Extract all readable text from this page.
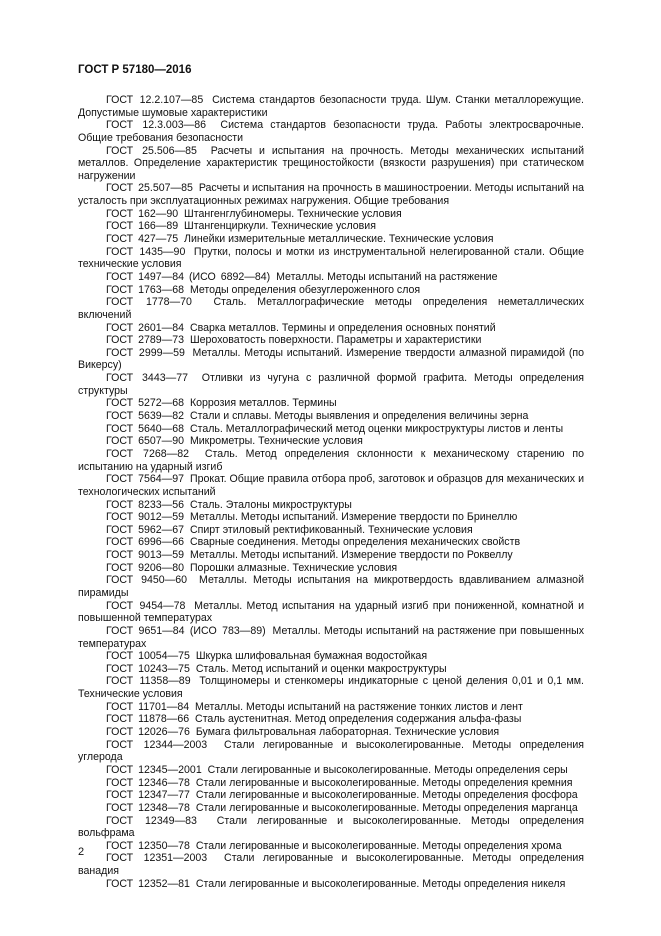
ГОСТ Р 57180—2016

ГОСТ 12.2.107—85 Система стандартов безопасности труда. Шум. Станки металлорежущие. Допустимые шумовые характеристики

ГОСТ 12.3.003—86 Система стандартов безопасности труда. Работы электросварочные. Общие требования безопасности

ГОСТ 25.506—85 Расчеты и испытания на прочность. Методы механических испытаний металлов. Определение характеристик трещиностойкости (вязкости разрушения) при статическом нагружении

ГОСТ 25.507—85 Расчеты и испытания на прочность в машиностроении. Методы испытаний на усталость при эксплуатационных режимах нагружения. Общие требования

ГОСТ 162—90 Штангенглубиномеры. Технические условия

ГОСТ 166—89 Штангенциркули. Технические условия

ГОСТ 427—75 Линейки измерительные металлические. Технические условия

ГОСТ 1435—90 Прутки, полосы и мотки из инструментальной нелегированной стали. Общие технические условия

ГОСТ 1497—84 (ИСО 6892—84) Металлы. Методы испытаний на растяжение

ГОСТ 1763—68 Методы определения обезуглероженного слоя

ГОСТ 1778—70 Сталь. Металлографические методы определения неметаллических включений

ГОСТ 2601—84 Сварка металлов. Термины и определения основных понятий

ГОСТ 2789—73 Шероховатость поверхности. Параметры и характеристики

ГОСТ 2999—59 Металлы. Методы испытаний. Измерение твердости алмазной пирамидой (по Викерсу)

ГОСТ 3443—77 Отливки из чугуна с различной формой графита. Методы определения структуры

ГОСТ 5272—68 Коррозия металлов. Термины

ГОСТ 5639—82 Стали и сплавы. Методы выявления и определения величины зерна

ГОСТ 5640—68 Сталь. Металлографический метод оценки микроструктуры листов и ленты

ГОСТ 6507—90 Микрометры. Технические условия

ГОСТ 7268—82 Сталь. Метод определения склонности к механическому старению по испытанию на ударный изгиб

ГОСТ 7564—97 Прокат. Общие правила отбора проб, заготовок и образцов для механических и технологических испытаний

ГОСТ 8233—56 Сталь. Эталоны микроструктуры

ГОСТ 9012—59 Металлы. Методы испытаний. Измерение твердости по Бринеллю

ГОСТ 5962—67 Спирт этиловый ректификованный. Технические условия

ГОСТ 6996—66 Сварные соединения. Методы определения механических свойств

ГОСТ 9013—59 Металлы. Методы испытаний. Измерение твердости по Роквеллу

ГОСТ 9206—80 Порошки алмазные. Технические условия

ГОСТ 9450—60 Металлы. Методы испытания на микротвердость вдавливанием алмазной пирамиды

ГОСТ 9454—78 Металлы. Метод испытания на ударный изгиб при пониженной, комнатной и повышенной температурах

ГОСТ 9651—84 (ИСО 783—89) Металлы. Методы испытаний на растяжение при повышенных температурах

ГОСТ 10054—75 Шкурка шлифовальная бумажная водостойкая

ГОСТ 10243—75 Сталь. Метод испытаний и оценки макроструктуры

ГОСТ 11358—89 Толщиномеры и стенкомеры индикаторные с ценой деления 0,01 и 0,1 мм. Технические условия

ГОСТ 11701—84 Металлы. Методы испытаний на растяжение тонких листов и лент

ГОСТ 11878—66 Сталь аустенитная. Метод определения содержания альфа-фазы

ГОСТ 12026—76 Бумага фильтровальная лабораторная. Технические условия

ГОСТ 12344—2003 Стали легированные и высоколегированные. Методы определения углерода

ГОСТ 12345—2001 Стали легированные и высоколегированные. Методы определения серы

ГОСТ 12346—78 Стали легированные и высоколегированные. Методы определения кремния

ГОСТ 12347—77 Стали легированные и высоколегированные. Методы определения фосфора

ГОСТ 12348—78 Стали легированные и высоколегированные. Методы определения марганца

ГОСТ 12349—83 Стали легированные и высоколегированные. Методы определения вольфрама

ГОСТ 12350—78 Стали легированные и высоколегированные. Методы определения хрома

ГОСТ 12351—2003 Стали легированные и высоколегированные. Методы определения ванадия

ГОСТ 12352—81 Стали легированные и высоколегированные. Методы определения никеля

2
